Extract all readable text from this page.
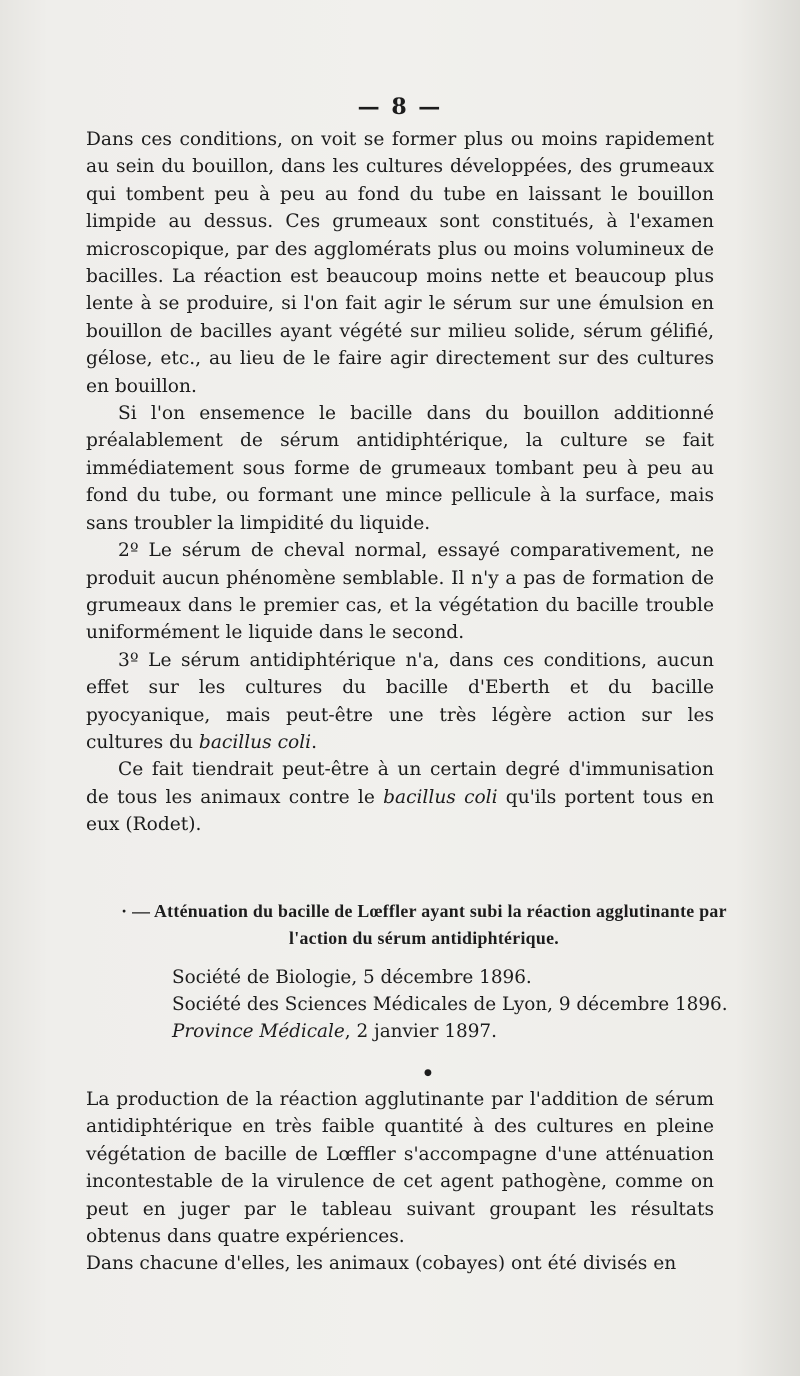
— 8 —

Dans ces conditions, on voit se former plus ou moins rapidement au sein du bouillon, dans les cultures développées, des grumeaux qui tombent peu à peu au fond du tube en laissant le bouillon limpide au dessus. Ces grumeaux sont constitués, à l'examen microscopique, par des agglomérats plus ou moins volumineux de bacilles. La réaction est beaucoup moins nette et beaucoup plus lente à se produire, si l'on fait agir le sérum sur une émulsion en bouillon de bacilles ayant végété sur milieu solide, sérum gélifié, gélose, etc., au lieu de le faire agir directement sur des cultures en bouillon.

Si l'on ensemence le bacille dans du bouillon additionné préalablement de sérum antidiphtérique, la culture se fait immédiatement sous forme de grumeaux tombant peu à peu au fond du tube, ou formant une mince pellicule à la surface, mais sans troubler la limpidité du liquide.

2º Le sérum de cheval normal, essayé comparativement, ne produit aucun phénomène semblable. Il n'y a pas de formation de grumeaux dans le premier cas, et la végétation du bacille trouble uniformément le liquide dans le second.

3º Le sérum antidiphtérique n'a, dans ces conditions, aucun effet sur les cultures du bacille d'Eberth et du bacille pyocyanique, mais peut-être une très légère action sur les cultures du bacillus coli.

Ce fait tiendrait peut-être à un certain degré d'immunisation de tous les animaux contre le bacillus coli qu'ils portent tous en eux (Rodet).

· — Atténuation du bacille de Lœffler ayant subi la réaction agglutinante par l'action du sérum antidiphtérique.
Société de Biologie, 5 décembre 1896.
Société des Sciences Médicales de Lyon, 9 décembre 1896.
Province Médicale, 2 janvier 1897.
●

La production de la réaction agglutinante par l'addition de sérum antidiphtérique en très faible quantité à des cultures en pleine végétation de bacille de Lœffler s'accompagne d'une atténuation incontestable de la virulence de cet agent pathogène, comme on peut en juger par le tableau suivant groupant les résultats obtenus dans quatre expériences.

Dans chacune d'elles, les animaux (cobayes) ont été divisés en
